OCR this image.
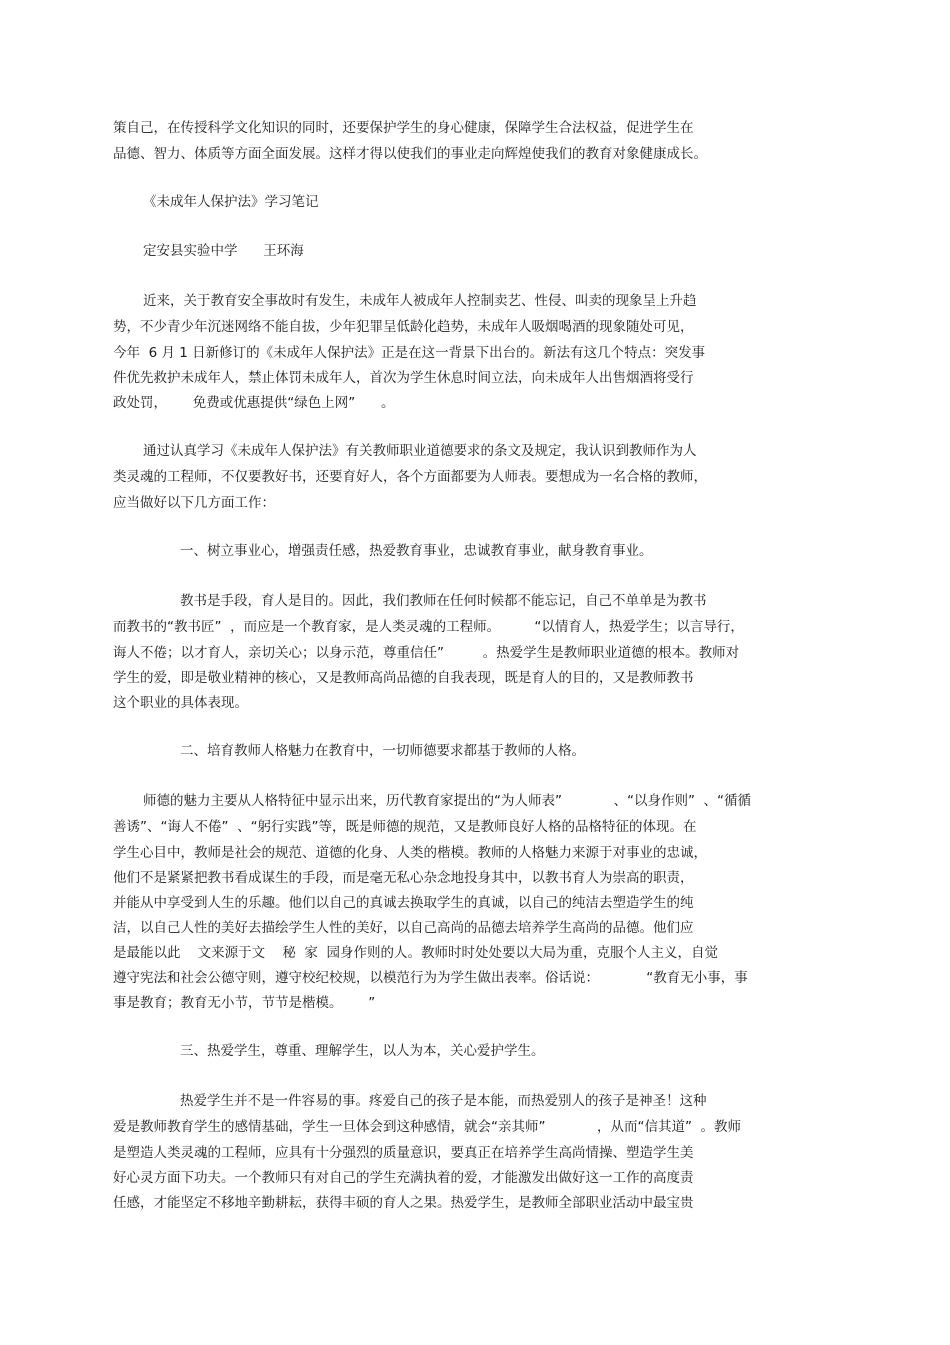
策自己，在传授科学文化知识的同时，还要保护学生的身心健康，保障学生合法权益，促进学生在

品德、智力、体质等方面全面发展。这样才得以使我们的事业走向辉煌使我们的教育对象健康成长。

《未成年人保护法》学习笔记

定安县实验中学      王环海

近来，关于教育安全事故时有发生，未成年人被成年人控制卖艺、性侵、叫卖的现象呈上升趋

势，不少青少年沉迷网络不能自拔，少年犯罪呈低龄化趋势，未成年人吸烟喝酒的现象随处可见，

今年  6 月 1 日新修订的《未成年人保护法》正是在这一背景下出台的。新法有这几个特点：突发事

件优先救护未成年人，禁止体罚未成年人，首次为学生休息时间立法，向未成年人出售烟酒将受行

政处罚，      免费或优惠提供“绿色上网”      。

通过认真学习《未成年人保护法》有关教师职业道德要求的条文及规定，我认识到教师作为人

类灵魂的工程师，不仅要教好书，还要育好人，各个方面都要为人师表。要想成为一名合格的教师，

应当做好以下几方面工作：

一、树立事业心，增强责任感，热爱教育事业，忠诚教育事业，献身教育事业。

教书是手段，育人是目的。因此，我们教师在任何时候都不能忘记，自己不单单是为教书

而教书的“教书匠”  ，而应是一个教育家，是人类灵魂的工程师。        “以情育人，热爱学生；以言导行，

诲人不倦；以才育人，亲切关心；以身示范，尊重信任”         。热爱学生是教师职业道德的根本。教师对

学生的爱，即是敬业精神的核心，又是教师高尚品德的自我表现，既是育人的目的，又是教师教书

这个职业的具体表现。

二、培育教师人格魅力在教育中，一切师德要求都基于教师的人格。

师德的魅力主要从人格特征中显示出来，历代教育家提出的“为人师表”            、“以身作则”  、“循循

善诱”、“诲人不倦”  、“躬行实践”等，既是师德的规范，又是教师良好人格的品格特征的体现。在

学生心目中，教师是社会的规范、道德的化身、人类的楷模。教师的人格魅力来源于对事业的忠诚，

他们不是紧紧把教书看成谋生的手段，而是毫无私心杂念地投身其中，以教书育人为崇高的职责，

并能从中享受到人生的乐趣。他们以自己的真诚去换取学生的真诚，以自己的纯洁去塑造学生的纯

洁，以自己人性的美好去描绘学生人性的美好，以自己高尚的品德去培养学生高尚的品德。他们应

是最能以此    文来源于文    秘  家  园身作则的人。教师时时处处要以大局为重，克服个人主义，自觉

遵守宪法和社会公德守则，遵守校纪校规，以模范行为为学生做出表率。俗话说：           “教育无小事，事

事是教育；教育无小节，节节是楷模。      ”

三、热爱学生，尊重、理解学生，以人为本，关心爱护学生。

热爱学生并不是一件容易的事。疼爱自己的孩子是本能，而热爱别人的孩子是神圣！这种

爱是教师教育学生的感情基础，学生一旦体会到这种感情，就会“亲其师”            ，从而“信其道”  。教师

是塑造人类灵魂的工程师，应具有十分强烈的质量意识，要真正在培养学生高尚情操、塑造学生美

好心灵方面下功夫。一个教师只有对自己的学生充满执着的爱，才能激发出做好这一工作的高度责

任感，才能坚定不移地辛勤耕耘，获得丰硕的育人之果。热爱学生，是教师全部职业活动中最宝贵
